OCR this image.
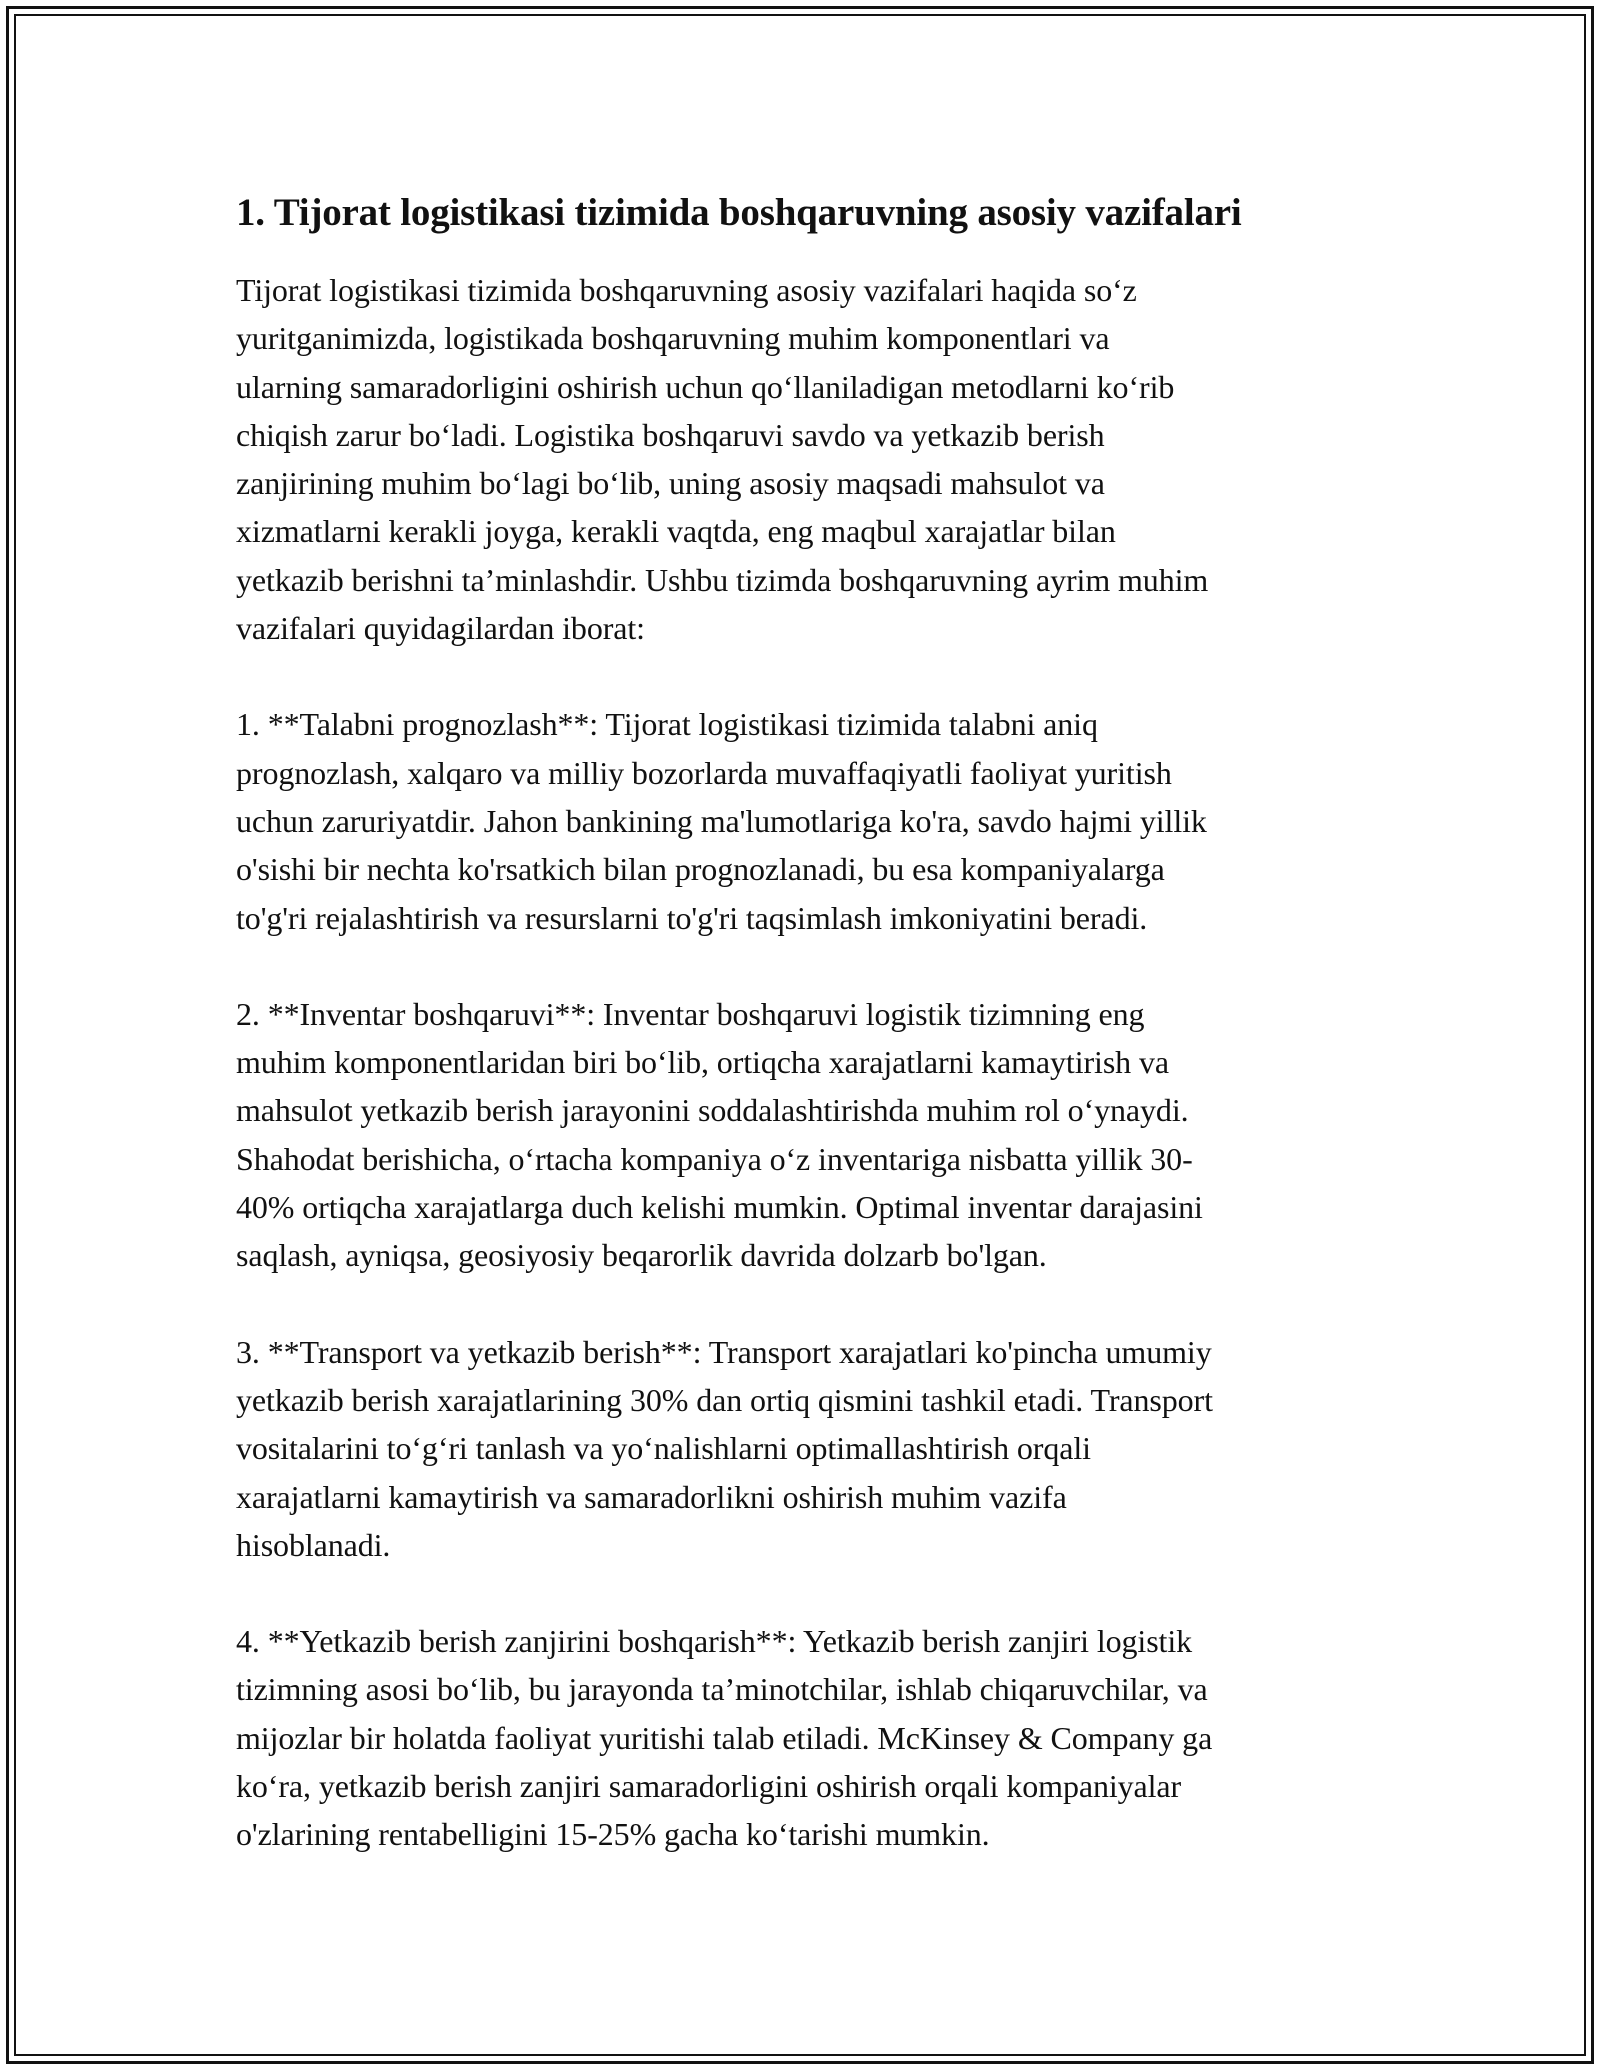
1. Tijorat logistikasi tizimida boshqaruvning asosiy vazifalari
Tijorat logistikasi tizimida boshqaruvning asosiy vazifalari haqida so‘z
yuritganimizda, logistikada boshqaruvning muhim komponentlari va
ularning samaradorligini oshirish uchun qo‘llaniladigan metodlarni ko‘rib
chiqish zarur bo‘ladi. Logistika boshqaruvi savdo va yetkazib berish
zanjirining muhim bo‘lagi bo‘lib, uning asosiy maqsadi mahsulot va
xizmatlarni kerakli joyga, kerakli vaqtda, eng maqbul xarajatlar bilan
yetkazib berishni ta’minlashdir. Ushbu tizimda boshqaruvning ayrim muhim
vazifalari quyidagilardan iborat:
1. **Talabni prognozlash**: Tijorat logistikasi tizimida talabni aniq
prognozlash, xalqaro va milliy bozorlarda muvaffaqiyatli faoliyat yuritish
uchun zaruriyatdir. Jahon bankining ma'lumotlariga ko'ra, savdo hajmi yillik
o'sishi bir nechta ko'rsatkich bilan prognozlanadi, bu esa kompaniyalarga
to'g'ri rejalashtirish va resurslarni to'g'ri taqsimlash imkoniyatini beradi.
2. **Inventar boshqaruvi**: Inventar boshqaruvi logistik tizimning eng
muhim komponentlaridan biri bo‘lib, ortiqcha xarajatlarni kamaytirish va
mahsulot yetkazib berish jarayonini soddalashtirishda muhim rol o‘ynaydi.
Shahodat berishicha, o‘rtacha kompaniya o‘z inventariga nisbatta yillik 30-
40% ortiqcha xarajatlarga duch kelishi mumkin. Optimal inventar darajasini
saqlash, ayniqsa, geosiyosiy beqarorlik davrida dolzarb bo'lgan.
3. **Transport va yetkazib berish**: Transport xarajatlari ko'pincha umumiy
yetkazib berish xarajatlarining 30% dan ortiq qismini tashkil etadi. Transport
vositalarini to‘g‘ri tanlash va yo‘nalishlarni optimallashtirish orqali
xarajatlarni kamaytirish va samaradorlikni oshirish muhim vazifa
hisoblanadi.
4. **Yetkazib berish zanjirini boshqarish**: Yetkazib berish zanjiri logistik
tizimning asosi bo‘lib, bu jarayonda ta’minotchilar, ishlab chiqaruvchilar, va
mijozlar bir holatda faoliyat yuritishi talab etiladi. McKinsey & Company ga
ko‘ra, yetkazib berish zanjiri samaradorligini oshirish orqali kompaniyalar
o'zlarining rentabelligini 15-25% gacha ko‘tarishi mumkin.
